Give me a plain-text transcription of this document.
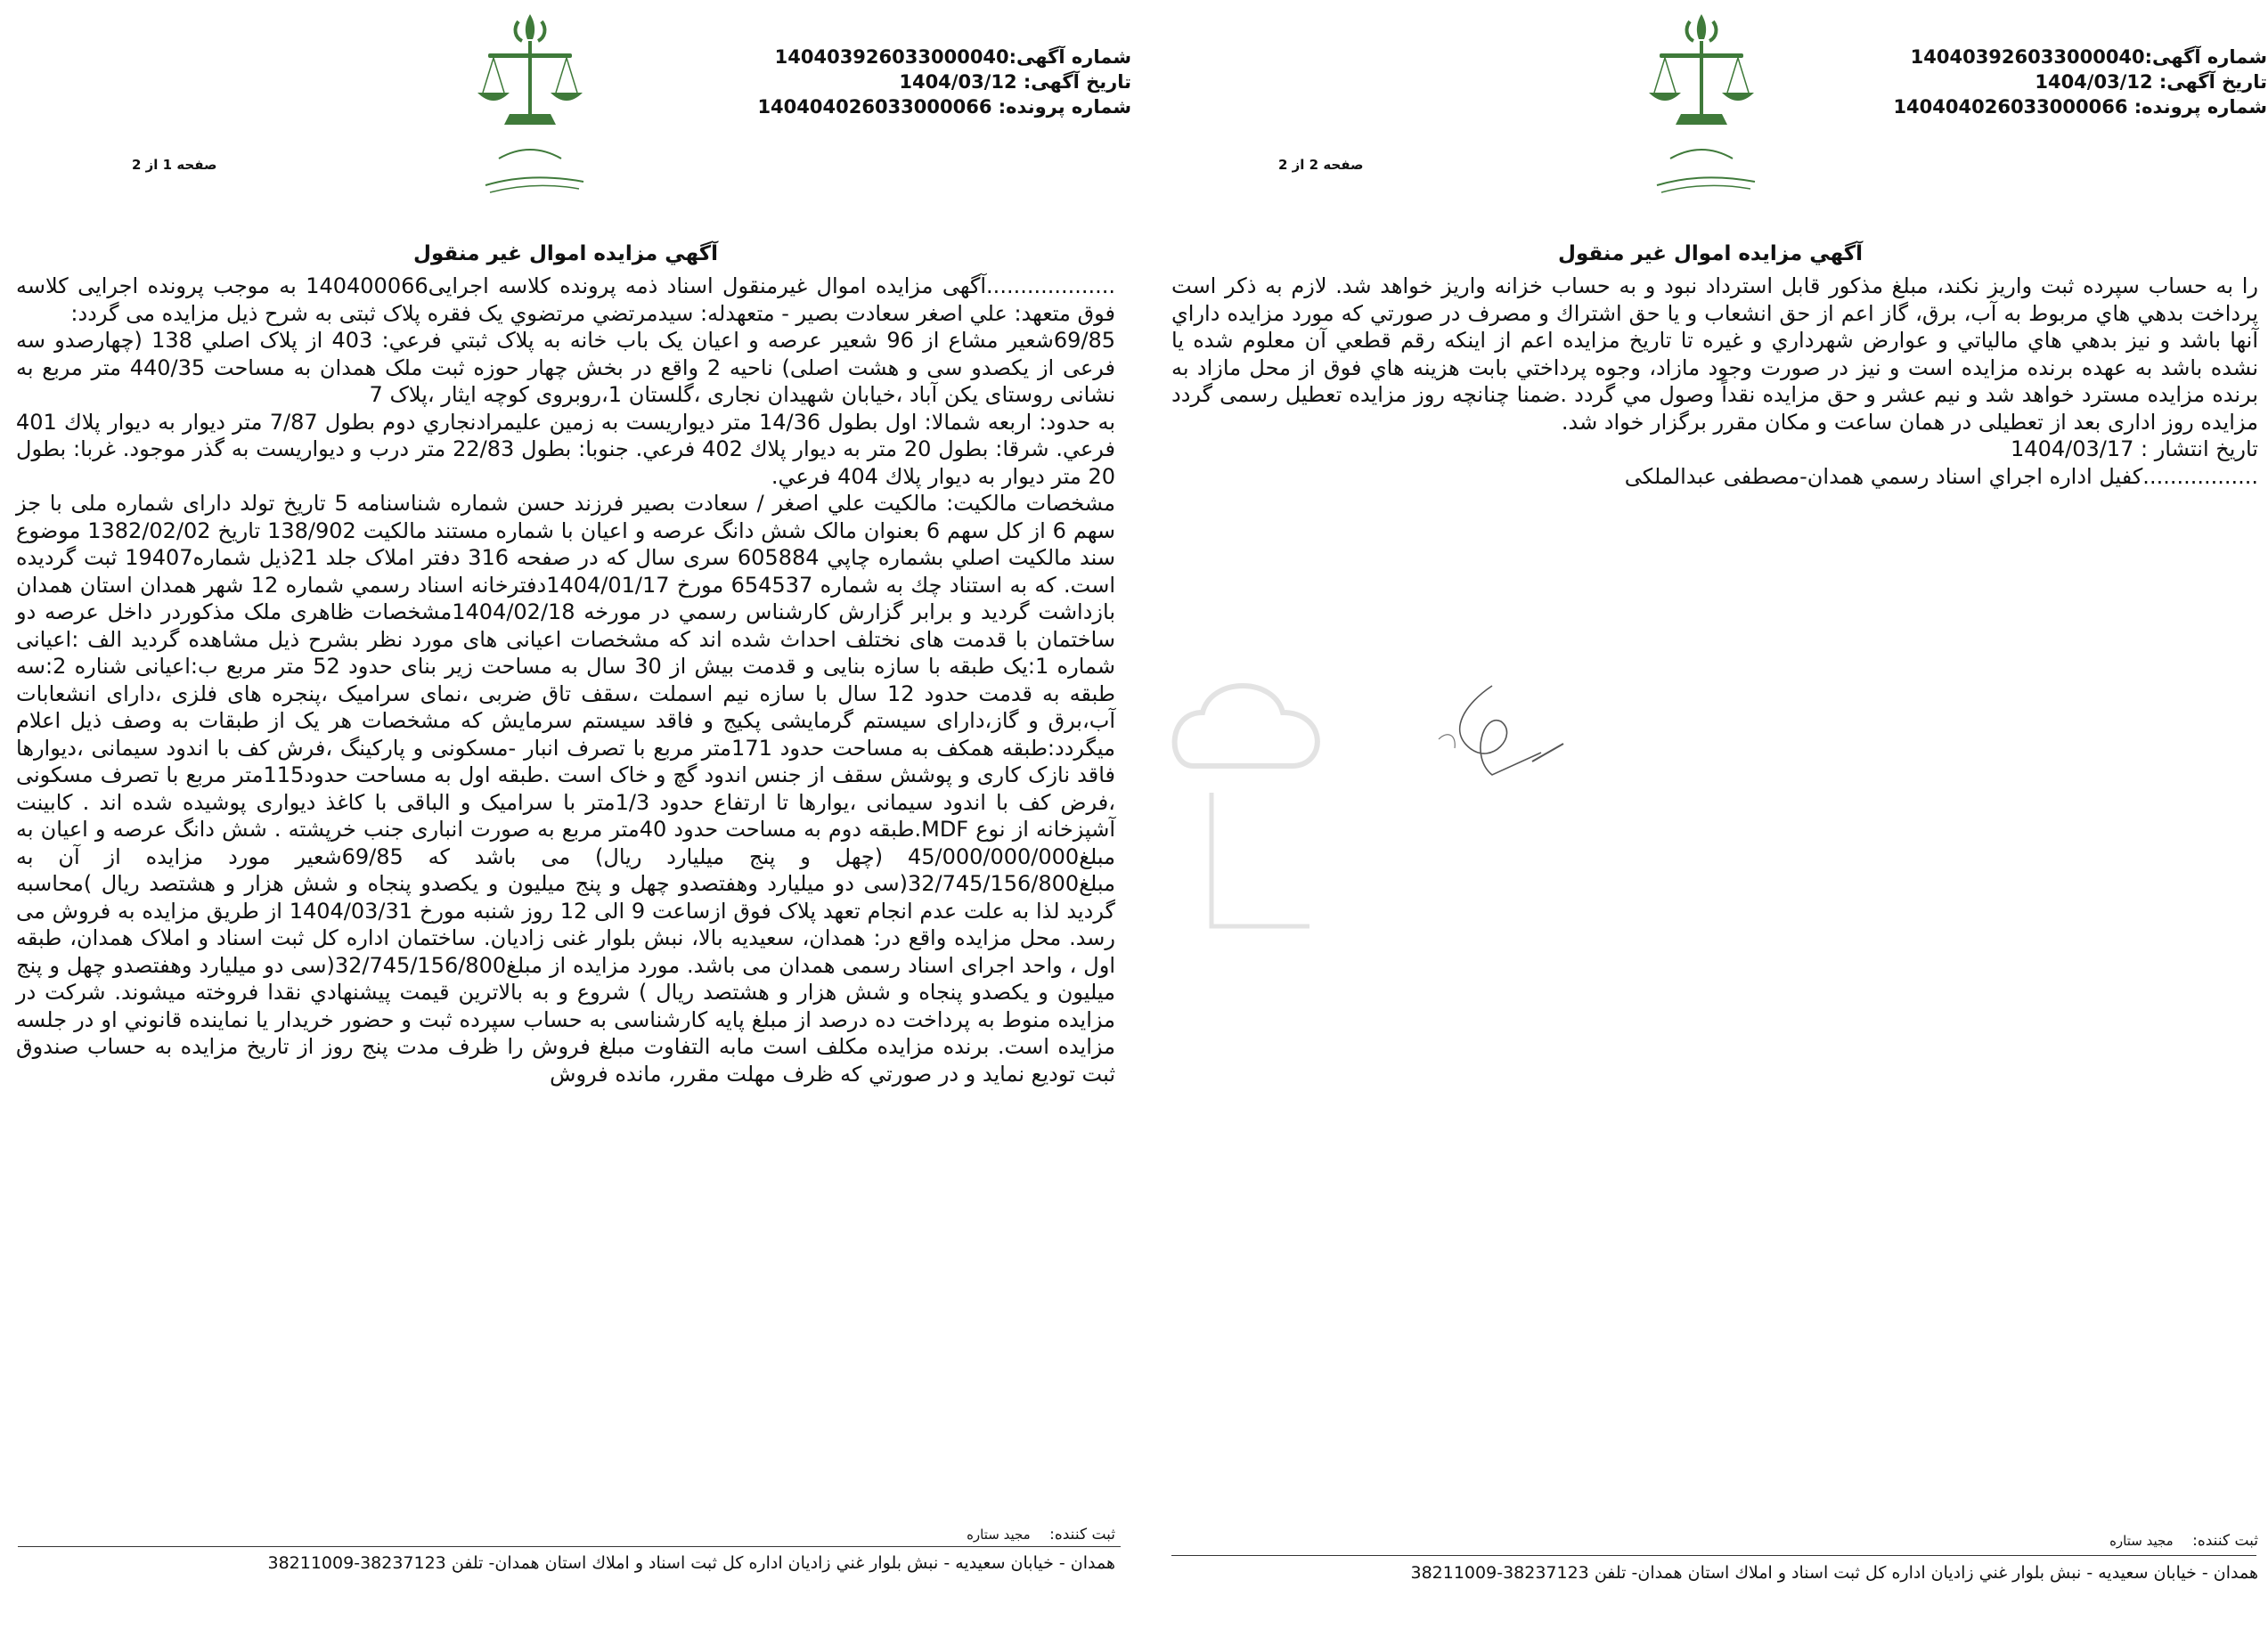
شماره آگهی:140403926033000040
تاریخ آگهی: 1404/03/12
شماره پرونده: 140404026033000066
صفحه 1 از 2
آگهي مزايده اموال غير منقول

...................آگهی مزایده اموال غیرمنقول اسناد ذمه پرونده کلاسه اجرایی140400066 به موجب پرونده اجرایی کلاسه فوق متعهد: علي اصغر سعادت بصير - متعهدله: سيدمرتضي مرتضوي يک فقره پلاک ثبتی به شرح ذیل مزایده می گردد:

69/85شعیر مشاع از 96 شعیر عرصه و اعیان یک باب خانه به پلاک ثبتي فرعي: 403 از پلاک اصلي 138 (چهارصدو سه فرعی از یکصدو سی و هشت اصلی) ناحیه 2 واقع در بخش چهار حوزه ثبت ملک همدان به مساحت 440/35 متر مربع به نشانی روستای یکن آباد ،خیابان شهیدان نجاری ،گلستان 1،روبروی کوچه ایثار ،پلاک 7

به حدود: اربعه شمالا: اول بطول 14/36 متر ديواريست به زمين عليمرادنجاري دوم بطول 7/87 متر ديوار به ديوار پلاك 401 فرعي. شرقا: بطول 20 متر به ديوار پلاك 402 فرعي. جنوبا: بطول 22/83 متر درب و ديواريست به گذر موجود. غربا: بطول 20 متر ديوار به ديوار پلاك 404 فرعي.

مشخصات مالکیت: مالكيت علي اصغر / سعادت بصير فرزند حسن شماره شناسنامه 5 تاريخ تولد دارای شماره ملی با جز سهم 6 از کل سهم 6 بعنوان مالک شش دانگ عرصه و اعیان با شماره مستند مالکیت 138/902 تاریخ 1382/02/02 موضوع سند مالكيت اصلي بشماره چاپي 605884 سری سال که در صفحه 316 دفتر املاک جلد 21ذیل شماره19407 ثبت گرديده است. كه به استناد چك به شماره 654537 مورخ 1404/01/17دفترخانه اسناد رسمي شماره 12 شهر همدان استان همدان بازداشت گرديد و برابر گزارش كارشناس رسمي در مورخه 1404/02/18مشخصات ظاهری ملک مذکوردر داخل عرصه دو ساختمان با قدمت های نختلف احداث شده اند که مشخصات اعیانی های مورد نظر بشرح ذیل مشاهده گردید الف :اعیانی شماره 1:یک طبقه با سازه بنایی و قدمت بیش از 30 سال به مساحت زیر بنای حدود 52 متر مربع ب:اعیانی شناره 2:سه طبقه به قدمت حدود 12 سال با سازه نیم اسملت ،سقف تاق ضربی ،نمای سرامیک ،پنجره های فلزی ،دارای انشعابات آب،برق و گاز،دارای سیستم گرمایشی پکیج و فاقد سیستم سرمایش که مشخصات هر یک از طبقات به وصف ذیل اعلام میگردد:طبقه همکف به مساحت حدود 171متر مربع با تصرف انبار -مسکونی و پارکینگ ،فرش کف با اندود سیمانی ،دیوارها فاقد نازک کاری و پوشش سقف از جنس اندود گچ و خاک است .طبقه اول به مساحت حدود115متر مربع با تصرف مسکونی ،فرض کف با اندود سیمانی ،یوارها تا ارتفاع حدود 1/3متر با سرامیک و الباقی با کاغذ دیواری پوشیده شده اند . کابینت آشپزخانه از نوع MDF.طبقه دوم به مساحت حدود 40متر مربع به صورت انباری جنب خرپشته . شش دانگ عرصه و اعیان به مبلغ45/000/000/000 (چهل و پنج میلیارد ریال) می باشد که 69/85شعیر مورد مزایده از آن به مبلغ32/745/156/800(سی دو میلیارد وهفتصدو چهل و پنج میلیون و یکصدو پنجاه و شش هزار و هشتصد ریال )محاسبه گردید لذا به علت عدم انجام تعهد پلاک فوق ازساعت 9 الی 12 روز شنبه مورخ 1404/03/31 از طریق مزایده به فروش می رسد. محل مزایده واقع در: همدان، سعیدیه بالا، نبش بلوار غنی زادیان. ساختمان اداره کل ثبت اسناد و املاک همدان، طبقه اول ، واحد اجرای اسناد رسمی همدان می باشد. مورد مزایده از مبلغ32/745/156/800(سی دو میلیارد وهفتصدو چهل و پنج میلیون و یکصدو پنجاه و شش هزار و هشتصد ریال ) شروع و به بالاترين قيمت پيشنهادي نقدا فروخته ميشوند. شرکت در مزایده منوط به پرداخت ده درصد از مبلغ پایه کارشناسی به حساب سپرده ثبت و حضور خريدار يا نماينده قانوني او در جلسه مزايده است. برنده مزايده مكلف است مابه التفاوت مبلغ فروش را ظرف مدت پنج روز از تاريخ مزايده به حساب صندوق ثبت توديع نمايد و در صورتي كه ظرف مهلت مقرر، مانده فروش

ثبت کننده: مجيد ستاره
همدان - خيابان سعيديه - نبش بلوار غني زاديان اداره كل ثبت اسناد و املاك استان همدان- تلفن 38237123-38211009
شماره آگهی:140403926033000040
تاریخ آگهی: 1404/03/12
شماره پرونده: 140404026033000066
صفحه 2 از 2
آگهي مزايده اموال غير منقول

را به حساب سپرده ثبت واريز نكند، مبلغ مذكور قابل استرداد نبود و به حساب خزانه واريز خواهد شد. لازم به ذكر است پرداخت بدهي هاي مربوط به آب، برق، گاز اعم از حق انشعاب و يا حق اشتراك و مصرف در صورتي كه مورد مزايده داراي آنها باشد و نيز بدهي هاي مالياتي و عوارض شهرداري و غيره تا تاريخ مزايده اعم از اينكه رقم قطعي آن معلوم شده يا نشده باشد به عهده برنده مزايده است و نيز در صورت وجود مازاد، وجوه پرداختي بابت هزينه هاي فوق از محل مازاد به برنده مزايده مسترد خواهد شد و نيم عشر و حق مزايده نقداً وصول مي گردد .ضمنا چنانچه روز مزایده تعطیل رسمی گردد مزایده روز اداری بعد از تعطیلی در همان ساعت و مکان مقرر برگزار خواد شد.

تاریخ انتشار : 1404/03/17

.................كفيل اداره اجراي اسناد رسمي همدان-مصطفی عبدالملکی

ثبت کننده: مجيد ستاره
همدان - خيابان سعيديه - نبش بلوار غني زاديان اداره كل ثبت اسناد و املاك استان همدان- تلفن 38237123-38211009
